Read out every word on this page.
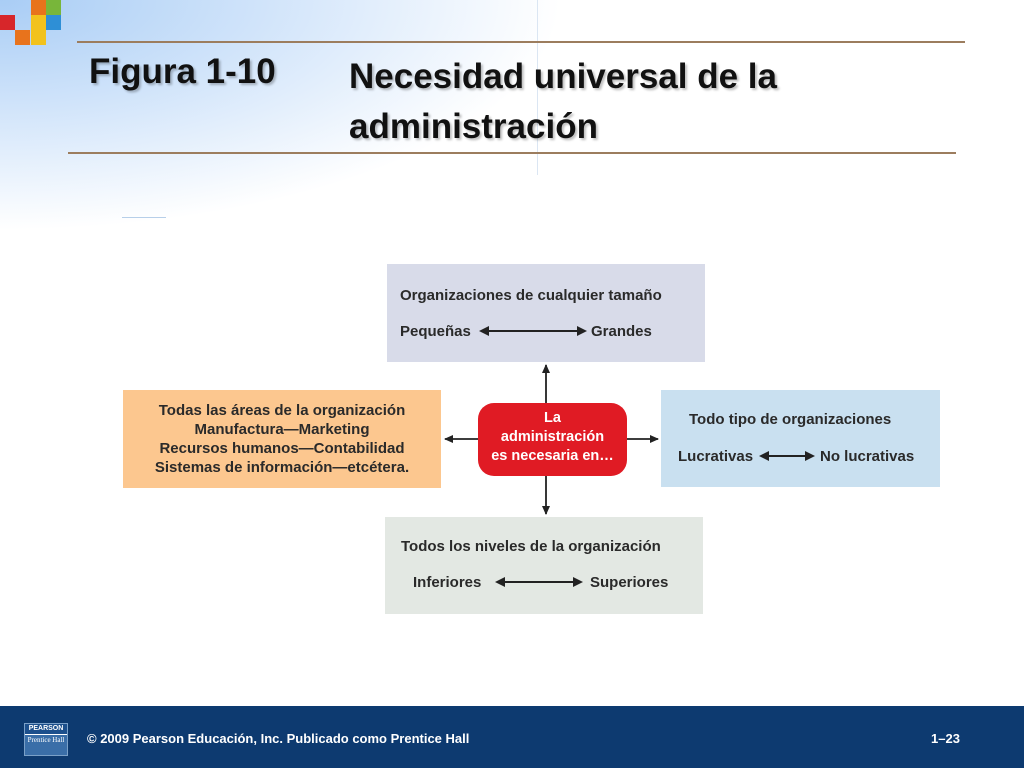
Figura 1-10 Necesidad universal de la administración
Organizaciones de cualquier tamaño
Pequeñas	Grandes
Todas las áreas de la organización
Manufactura—Marketing
Recursos humanos—Contabilidad
Sistemas de información—etcétera.
La
administración
es necesaria en…
Todo tipo de organizaciones
Lucrativas	No lucrativas
Todos los niveles de la organización
Inferiores	Superiores
PEARSON
Prentice Hall © 2009 Pearson Educación, Inc. Publicado como Prentice Hall	1–23
